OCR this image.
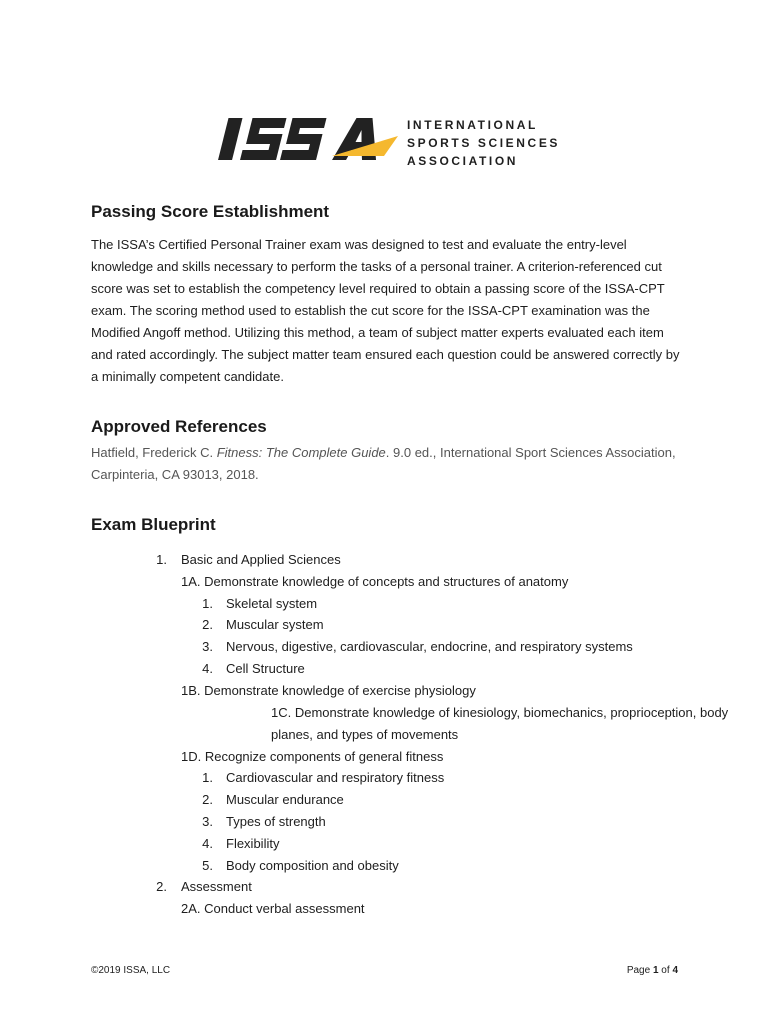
INTERNATIONAL
SPORTS SCIENCES
ASSOCIATION
Passing Score Establishment

The ISSA’s Certified Personal Trainer exam was designed to test and evaluate the entry-level knowledge and skills necessary to perform the tasks of a personal trainer. A criterion-referenced cut score was set to establish the competency level required to obtain a passing score of the ISSA-CPT exam. The scoring method used to establish the cut score for the ISSA-CPT examination was the Modified Angoff method. Utilizing this method, a team of subject matter experts evaluated each item and rated accordingly. The subject matter team ensured each question could be answered correctly by a minimally competent candidate.

Approved References

Hatfield, Frederick C. Fitness: The Complete Guide. 9.0 ed., International Sport Sciences Association, Carpinteria, CA 93013, 2018.

Exam Blueprint
1. Basic and Applied Sciences
1A. Demonstrate knowledge of concepts and structures of anatomy
1. Skeletal system
2. Muscular system
3. Nervous, digestive, cardiovascular, endocrine, and respiratory systems
4. Cell Structure
1B. Demonstrate knowledge of exercise physiology
1C. Demonstrate knowledge of kinesiology, biomechanics, proprioception, body planes, and types of movements
1D. Recognize components of general fitness
1. Cardiovascular and respiratory fitness
2. Muscular endurance
3. Types of strength
4. Flexibility
5. Body composition and obesity
2. Assessment
2A. Conduct verbal assessment
©2019 ISSA, LLC	Page 1 of 4
